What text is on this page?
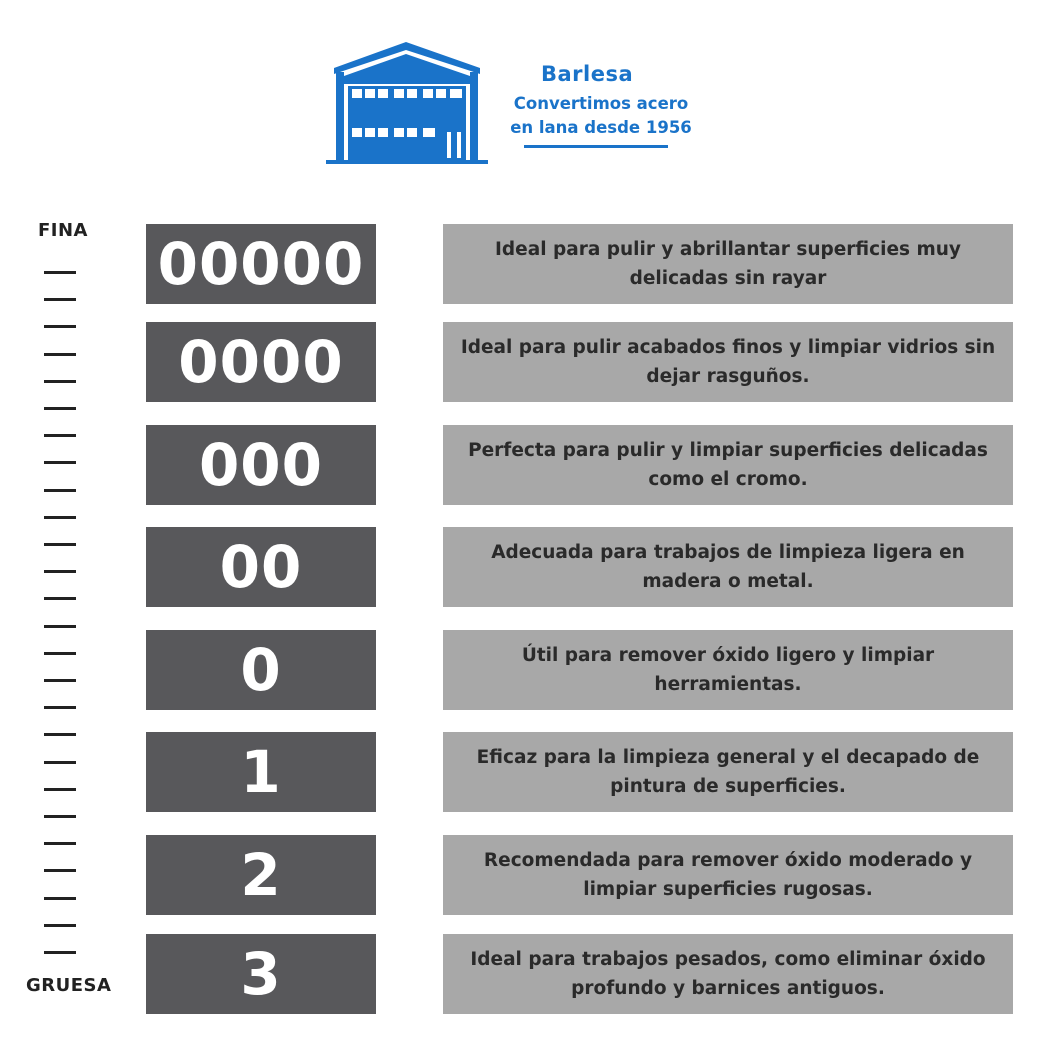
Barlesa
Convertimos acero
en lana desde 1956
FINA
GRUESA
00000	Ideal para pulir y abrillantar superficies muy delicadas sin rayar
0000	Ideal para pulir acabados finos y limpiar vidrios sin dejar rasguños.
000	Perfecta para pulir y limpiar superficies delicadas como el cromo.
00	Adecuada para trabajos de limpieza ligera en madera o metal.
0	Útil para remover óxido ligero y limpiar herramientas.
1	Eficaz para la limpieza general y el decapado de pintura de superficies.
2	Recomendada para remover óxido moderado y limpiar superficies rugosas.
3	Ideal para trabajos pesados, como eliminar óxido profundo y barnices antiguos.
